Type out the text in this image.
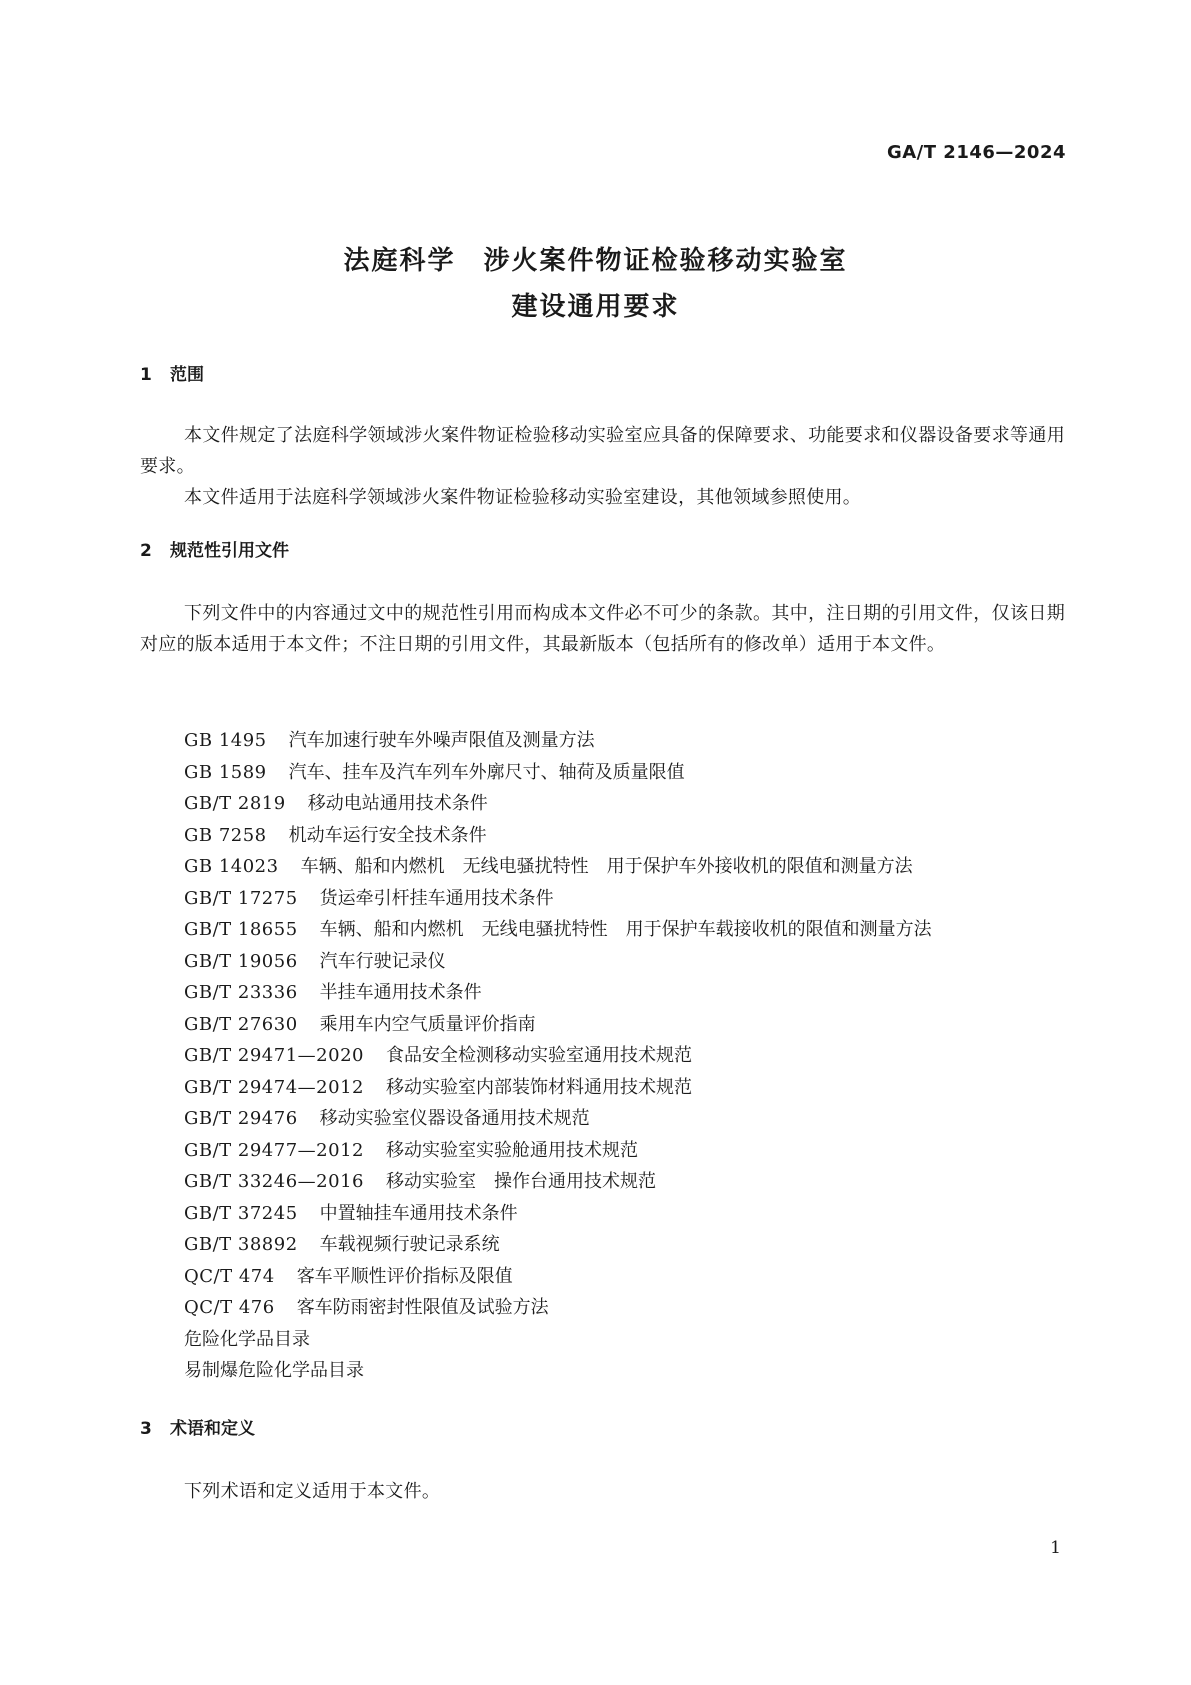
GA/T 2146—2024
法庭科学　涉火案件物证检验移动实验室
建设通用要求
1 范围

本文件规定了法庭科学领域涉火案件物证检验移动实验室应具备的保障要求、功能要求和仪器设备要求等通用要求。

本文件适用于法庭科学领域涉火案件物证检验移动实验室建设，其他领域参照使用。

2 规范性引用文件

下列文件中的内容通过文中的规范性引用而构成本文件必不可少的条款。其中，注日期的引用文件，仅该日期对应的版本适用于本文件；不注日期的引用文件，其最新版本（包括所有的修改单）适用于本文件。

GB 1495 汽车加速行驶车外噪声限值及测量方法
GB 1589 汽车、挂车及汽车列车外廓尺寸、轴荷及质量限值
GB/T 2819 移动电站通用技术条件
GB 7258 机动车运行安全技术条件
GB 14023 车辆、船和内燃机　无线电骚扰特性　用于保护车外接收机的限值和测量方法
GB/T 17275 货运牵引杆挂车通用技术条件
GB/T 18655 车辆、船和内燃机　无线电骚扰特性　用于保护车载接收机的限值和测量方法
GB/T 19056 汽车行驶记录仪
GB/T 23336 半挂车通用技术条件
GB/T 27630 乘用车内空气质量评价指南
GB/T 29471—2020 食品安全检测移动实验室通用技术规范
GB/T 29474—2012 移动实验室内部装饰材料通用技术规范
GB/T 29476 移动实验室仪器设备通用技术规范
GB/T 29477—2012 移动实验室实验舱通用技术规范
GB/T 33246—2016 移动实验室　操作台通用技术规范
GB/T 37245 中置轴挂车通用技术条件
GB/T 38892 车载视频行驶记录系统
QC/T 474 客车平顺性评价指标及限值
QC/T 476 客车防雨密封性限值及试验方法
危险化学品目录
易制爆危险化学品目录
3 术语和定义

下列术语和定义适用于本文件。

1
